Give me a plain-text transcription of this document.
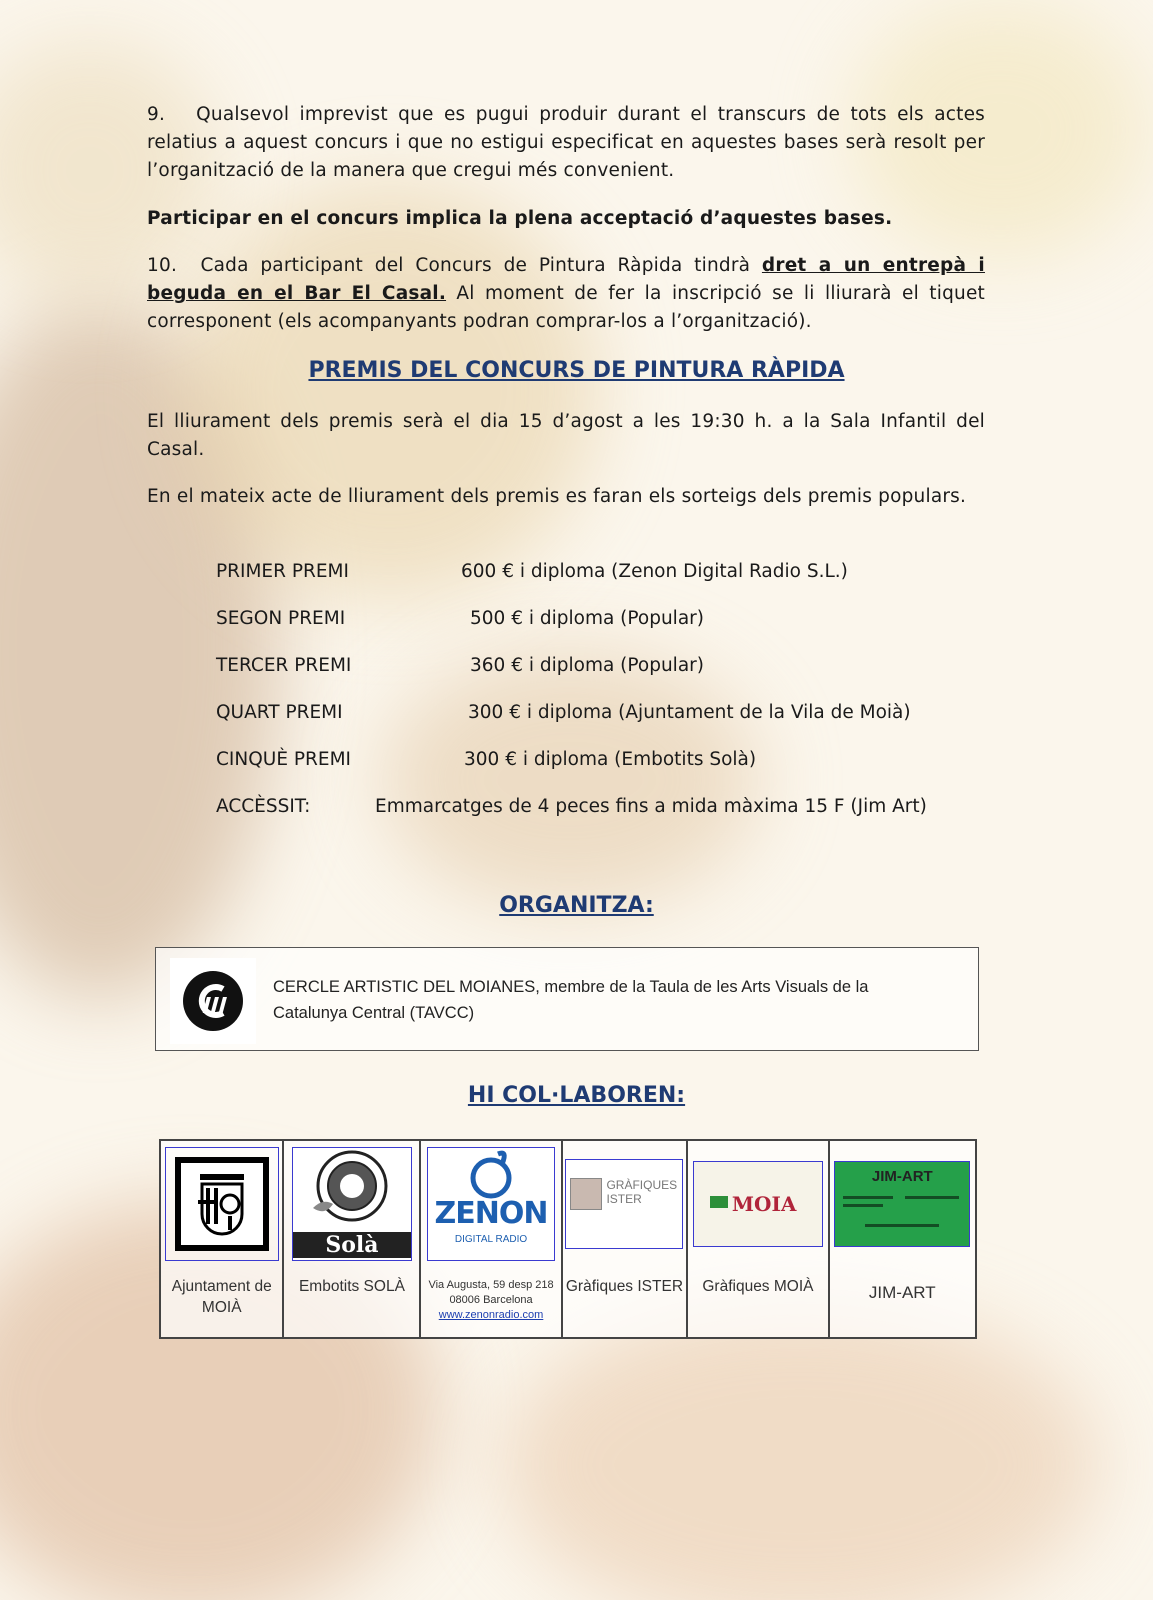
9. Qualsevol imprevist que es pugui produir durant el transcurs de tots els actes relatius a aquest concurs i que no estigui especificat en aquestes bases serà resolt per l’organització de la manera que cregui més convenient.
Participar en el concurs implica la plena acceptació d’aquestes bases.
10. Cada participant del Concurs de Pintura Ràpida tindrà dret a un entrepà i beguda en el Bar El Casal. Al moment de fer la inscripció se li lliurarà el tiquet corresponent (els acompanyants podran comprar-los a l’organització).
PREMIS DEL CONCURS DE PINTURA RÀPIDA
El lliurament dels premis serà el dia 15 d’agost a les 19:30 h. a la Sala Infantil del Casal.
En el mateix acte de lliurament dels premis es faran els sorteigs dels premis populars.
PRIMER PREMI	600 € i diploma (Zenon Digital Radio S.L.)
SEGON PREMI	500 € i diploma (Popular)
TERCER PREMI	360 € i diploma (Popular)
QUART PREMI	300 € i diploma (Ajuntament de la Vila de Moià)
CINQUÈ PREMI	300 € i diploma (Embotits Solà)
ACCÈSSIT:	Emmarcatges de 4 peces fins a mida màxima 15 F (Jim Art)
ORGANITZA:
CERCLE ARTISTIC DEL MOIANES, membre de la Taula de les Arts Visuals de la
Catalunya Central (TAVCC)
HI COL·LABOREN:
Ajuntament de
MOIÀ

Solà
Embotits SOLÀ

ZENON
DIGITAL RADIO
Via Augusta, 59 desp 218
08006 Barcelona
www.zenonradio.com

GRÀFIQUES ISTER
Gràfiques ISTER

MOIA
Gràfiques MOIÀ

JIM-ART
JIM-ART
